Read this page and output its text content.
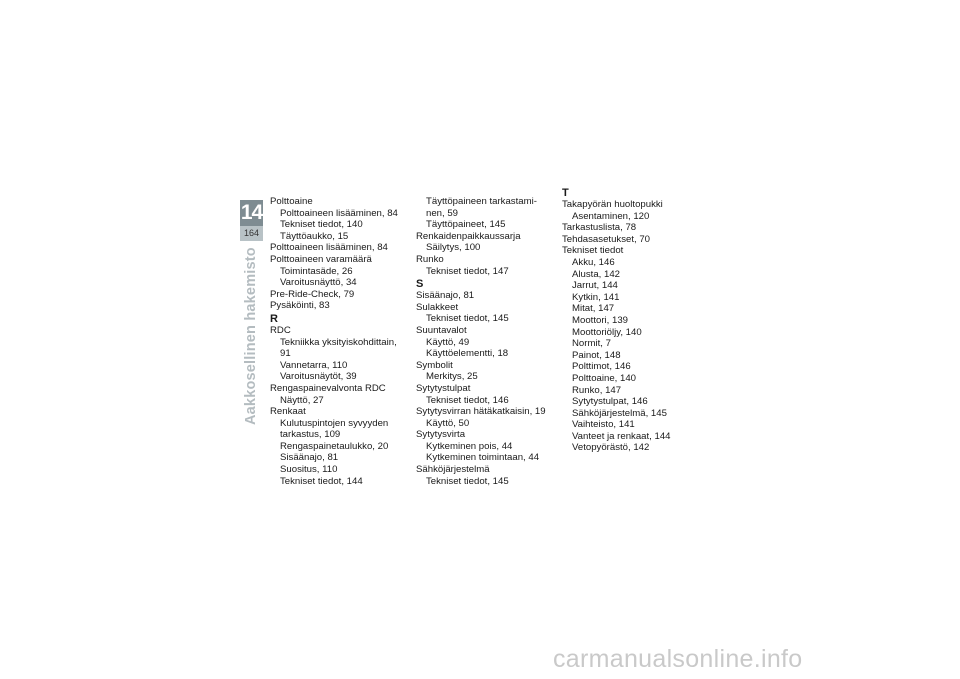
14
164
Aakkosellinen hakemisto
Polttoaine
Polttoaineen lisääminen, 84
Tekniset tiedot, 140
Täyttöaukko, 15
Polttoaineen lisääminen, 84
Polttoaineen varamäärä
Toimintasäde, 26
Varoitusnäyttö, 34
Pre-Ride-Check, 79
Pysäköinti, 83
R
RDC
Tekniikka yksityiskohdittain, 91
Vannetarra, 110
Varoitusnäytöt, 39
Rengaspainevalvonta RDC
Näyttö, 27
Renkaat
Kulutuspintojen syvyyden
tarkastus, 109
Rengaspainetaulukko, 20
Sisäänajo, 81
Suositus, 110
Tekniset tiedot, 144
Täyttöpaineen tarkastami-
nen, 59
Täyttöpaineet, 145
Renkaidenpaikkaussarja
Säilytys, 100
Runko
Tekniset tiedot, 147
S
Sisäänajo, 81
Sulakkeet
Tekniset tiedot, 145
Suuntavalot
Käyttö, 49
Käyttöelementti, 18
Symbolit
Merkitys, 25
Sytytystulpat
Tekniset tiedot, 146
Sytytysvirran hätäkatkaisin, 19
Käyttö, 50
Sytytysvirta
Kytkeminen pois, 44
Kytkeminen toimintaan, 44
Sähköjärjestelmä
Tekniset tiedot, 145
T
Takapyörän huoltopukki
Asentaminen, 120
Tarkastuslista, 78
Tehdasasetukset, 70
Tekniset tiedot
Akku, 146
Alusta, 142
Jarrut, 144
Kytkin, 141
Mitat, 147
Moottori, 139
Moottoriöljy, 140
Normit, 7
Painot, 148
Polttimot, 146
Polttoaine, 140
Runko, 147
Sytytystulpat, 146
Sähköjärjestelmä, 145
Vaihteisto, 141
Vanteet ja renkaat, 144
Vetopyörästö, 142
carmanualsonline.info
